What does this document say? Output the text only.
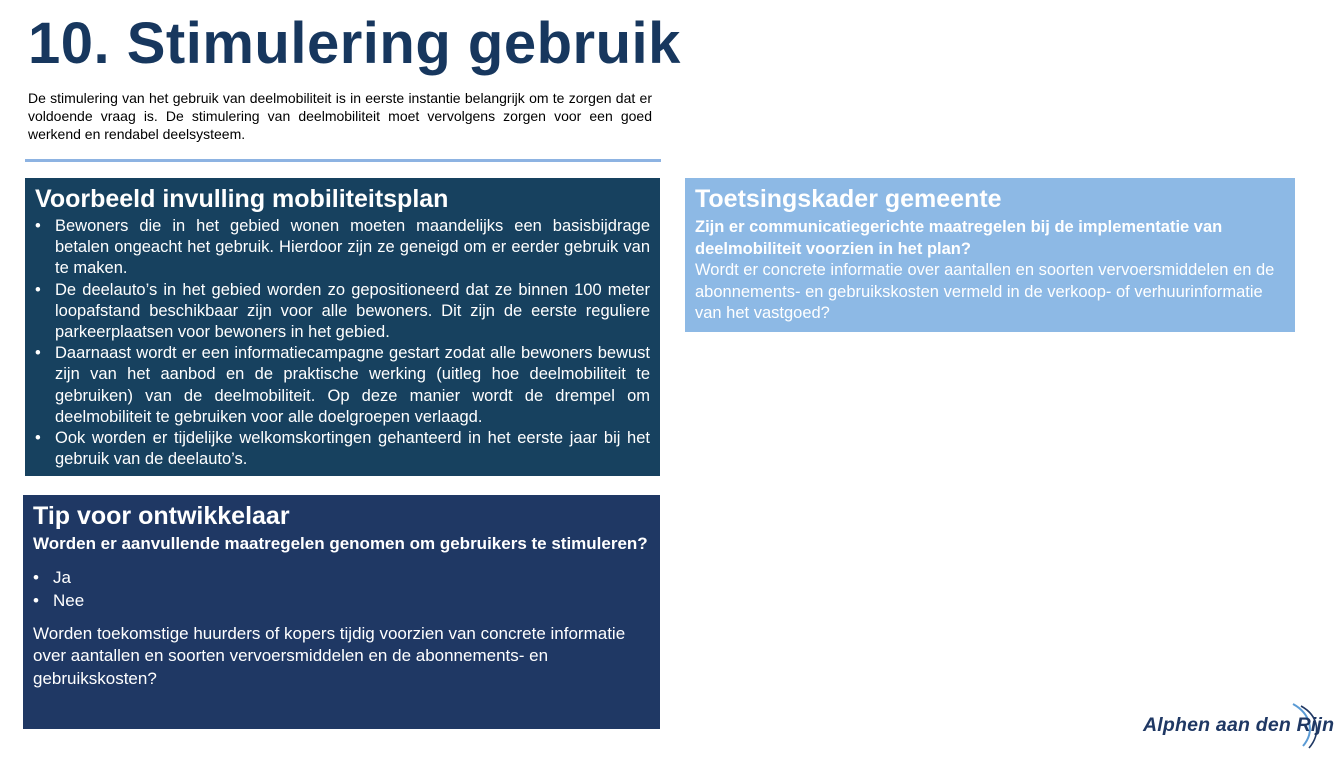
10. Stimulering gebruik

De stimulering van het gebruik van deelmobiliteit is in eerste instantie belangrijk om te zorgen dat er voldoende vraag is. De stimulering van deelmobiliteit moet vervolgens zorgen voor een goed werkend en rendabel deelsysteem.

Voorbeeld invulling mobiliteitsplan
• Bewoners die in het gebied wonen moeten maandelijks een basisbijdrage betalen ongeacht het gebruik. Hierdoor zijn ze geneigd om er eerder gebruik van te maken.
• De deelauto’s in het gebied worden zo gepositioneerd dat ze binnen 100 meter loopafstand beschikbaar zijn voor alle bewoners. Dit zijn de eerste reguliere parkeerplaatsen voor bewoners in het gebied.
• Daarnaast wordt er een informatiecampagne gestart zodat alle bewoners bewust zijn van het aanbod en de praktische werking (uitleg hoe deelmobiliteit te gebruiken) van de deelmobiliteit. Op deze manier wordt de drempel om deelmobiliteit te gebruiken voor alle doelgroepen verlaagd.
• Ook worden er tijdelijke welkomskortingen gehanteerd in het eerste jaar bij het gebruik van de deelauto’s.
Tip voor ontwikkelaar

Worden er aanvullende maatregelen genomen om gebruikers te stimuleren?

• Ja
• Nee

Worden toekomstige huurders of kopers tijdig voorzien van concrete informatie over aantallen en soorten vervoersmiddelen en de abonnements- en gebruikskosten?

Toetsingskader gemeente

Zijn er communicatiegerichte maatregelen bij de implementatie van deelmobiliteit voorzien in het plan?

Wordt er concrete informatie over aantallen en soorten vervoersmiddelen en de abonnements- en gebruikskosten vermeld in de verkoop- of verhuurinformatie van het vastgoed?

Alphen aan den Rijn
